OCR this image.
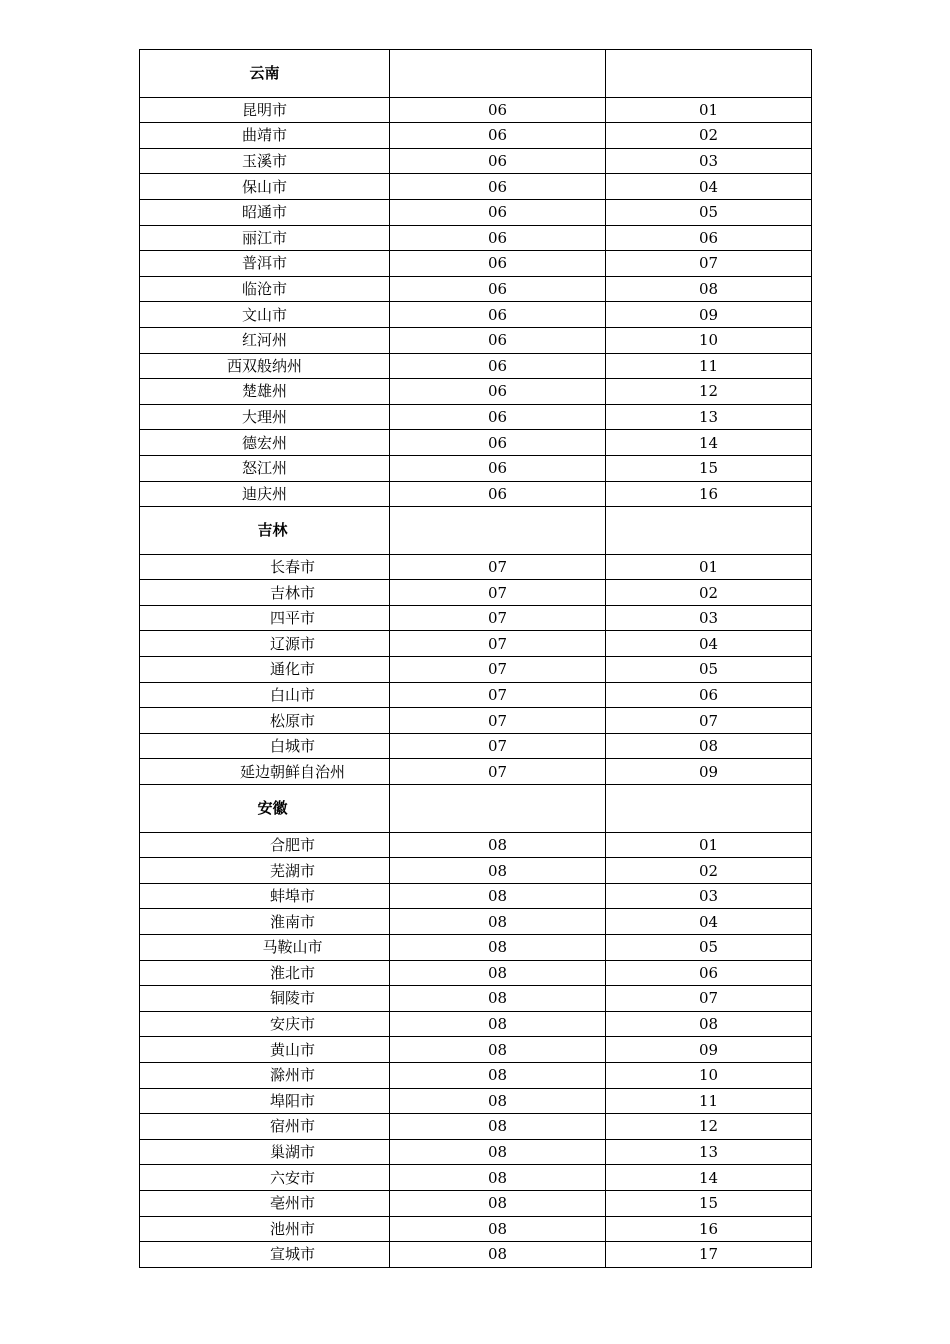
云南		
昆明市	06	01
曲靖市	06	02
玉溪市	06	03
保山市	06	04
昭通市	06	05
丽江市	06	06
普洱市	06	07
临沧市	06	08
文山市	06	09
红河州	06	10
西双般纳州	06	11
楚雄州	06	12
大理州	06	13
德宏州	06	14
怒江州	06	15
迪庆州	06	16
吉林		
长春市	07	01
吉林市	07	02
四平市	07	03
辽源市	07	04
通化市	07	05
白山市	07	06
松原市	07	07
白城市	07	08
延边朝鲜自治州	07	09
安徽		
合肥市	08	01
芜湖市	08	02
蚌埠市	08	03
淮南市	08	04
马鞍山市	08	05
淮北市	08	06
铜陵市	08	07
安庆市	08	08
黄山市	08	09
滁州市	08	10
埠阳市	08	11
宿州市	08	12
巢湖市	08	13
六安市	08	14
亳州市	08	15
池州市	08	16
宣城市	08	17
